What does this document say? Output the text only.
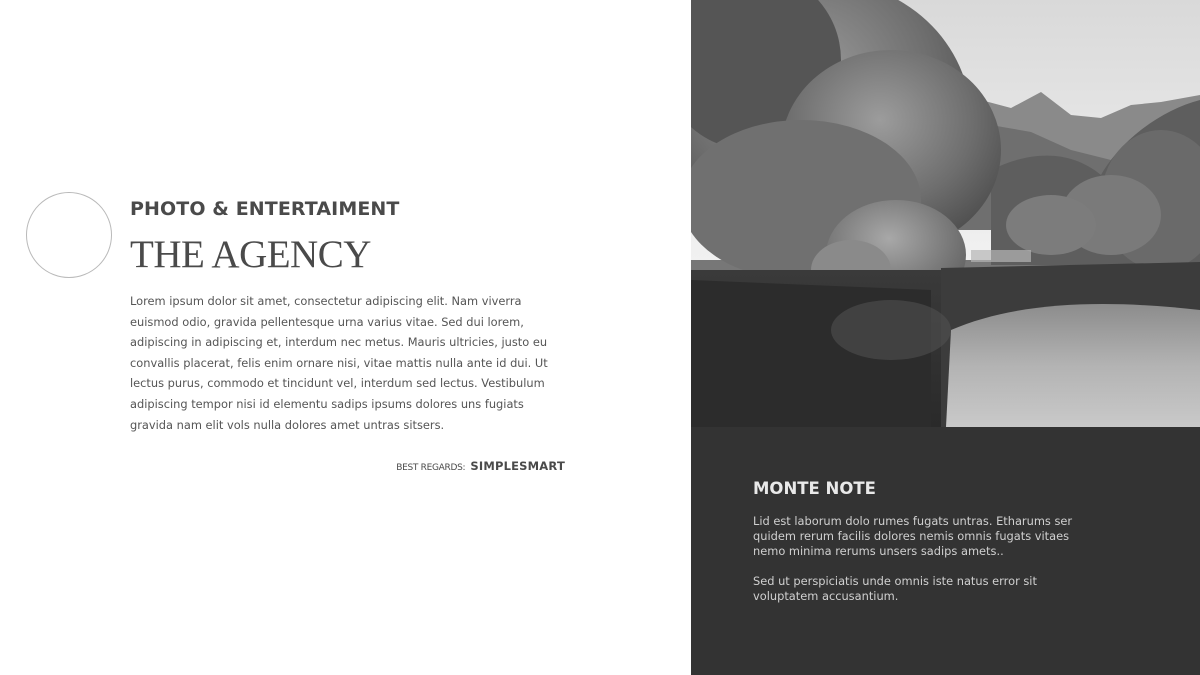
PHOTO & ENTERTAIMENT
THE AGENCY
Lorem ipsum dolor sit amet, consectetur adipiscing elit. Nam viverra euismod odio, gravida pellentesque urna varius vitae. Sed dui lorem, adipiscing in adipiscing et, interdum nec metus. Mauris ultricies, justo eu convallis placerat, felis enim ornare nisi, vitae mattis nulla ante id dui. Ut lectus purus, commodo et tincidunt vel, interdum sed lectus. Vestibulum adipiscing tempor nisi id elementu sadips ipsums dolores uns fugiats gravida nam elit vols nulla dolores amet untras sitsers.
BEST REGARDS: SIMPLESMART
MONTE NOTE
Lid est laborum dolo rumes fugats untras. Etharums ser quidem rerum facilis dolores nemis omnis fugats vitaes nemo minima rerums unsers sadips amets..
Sed ut perspiciatis unde omnis iste natus error sit voluptatem accusantium.
